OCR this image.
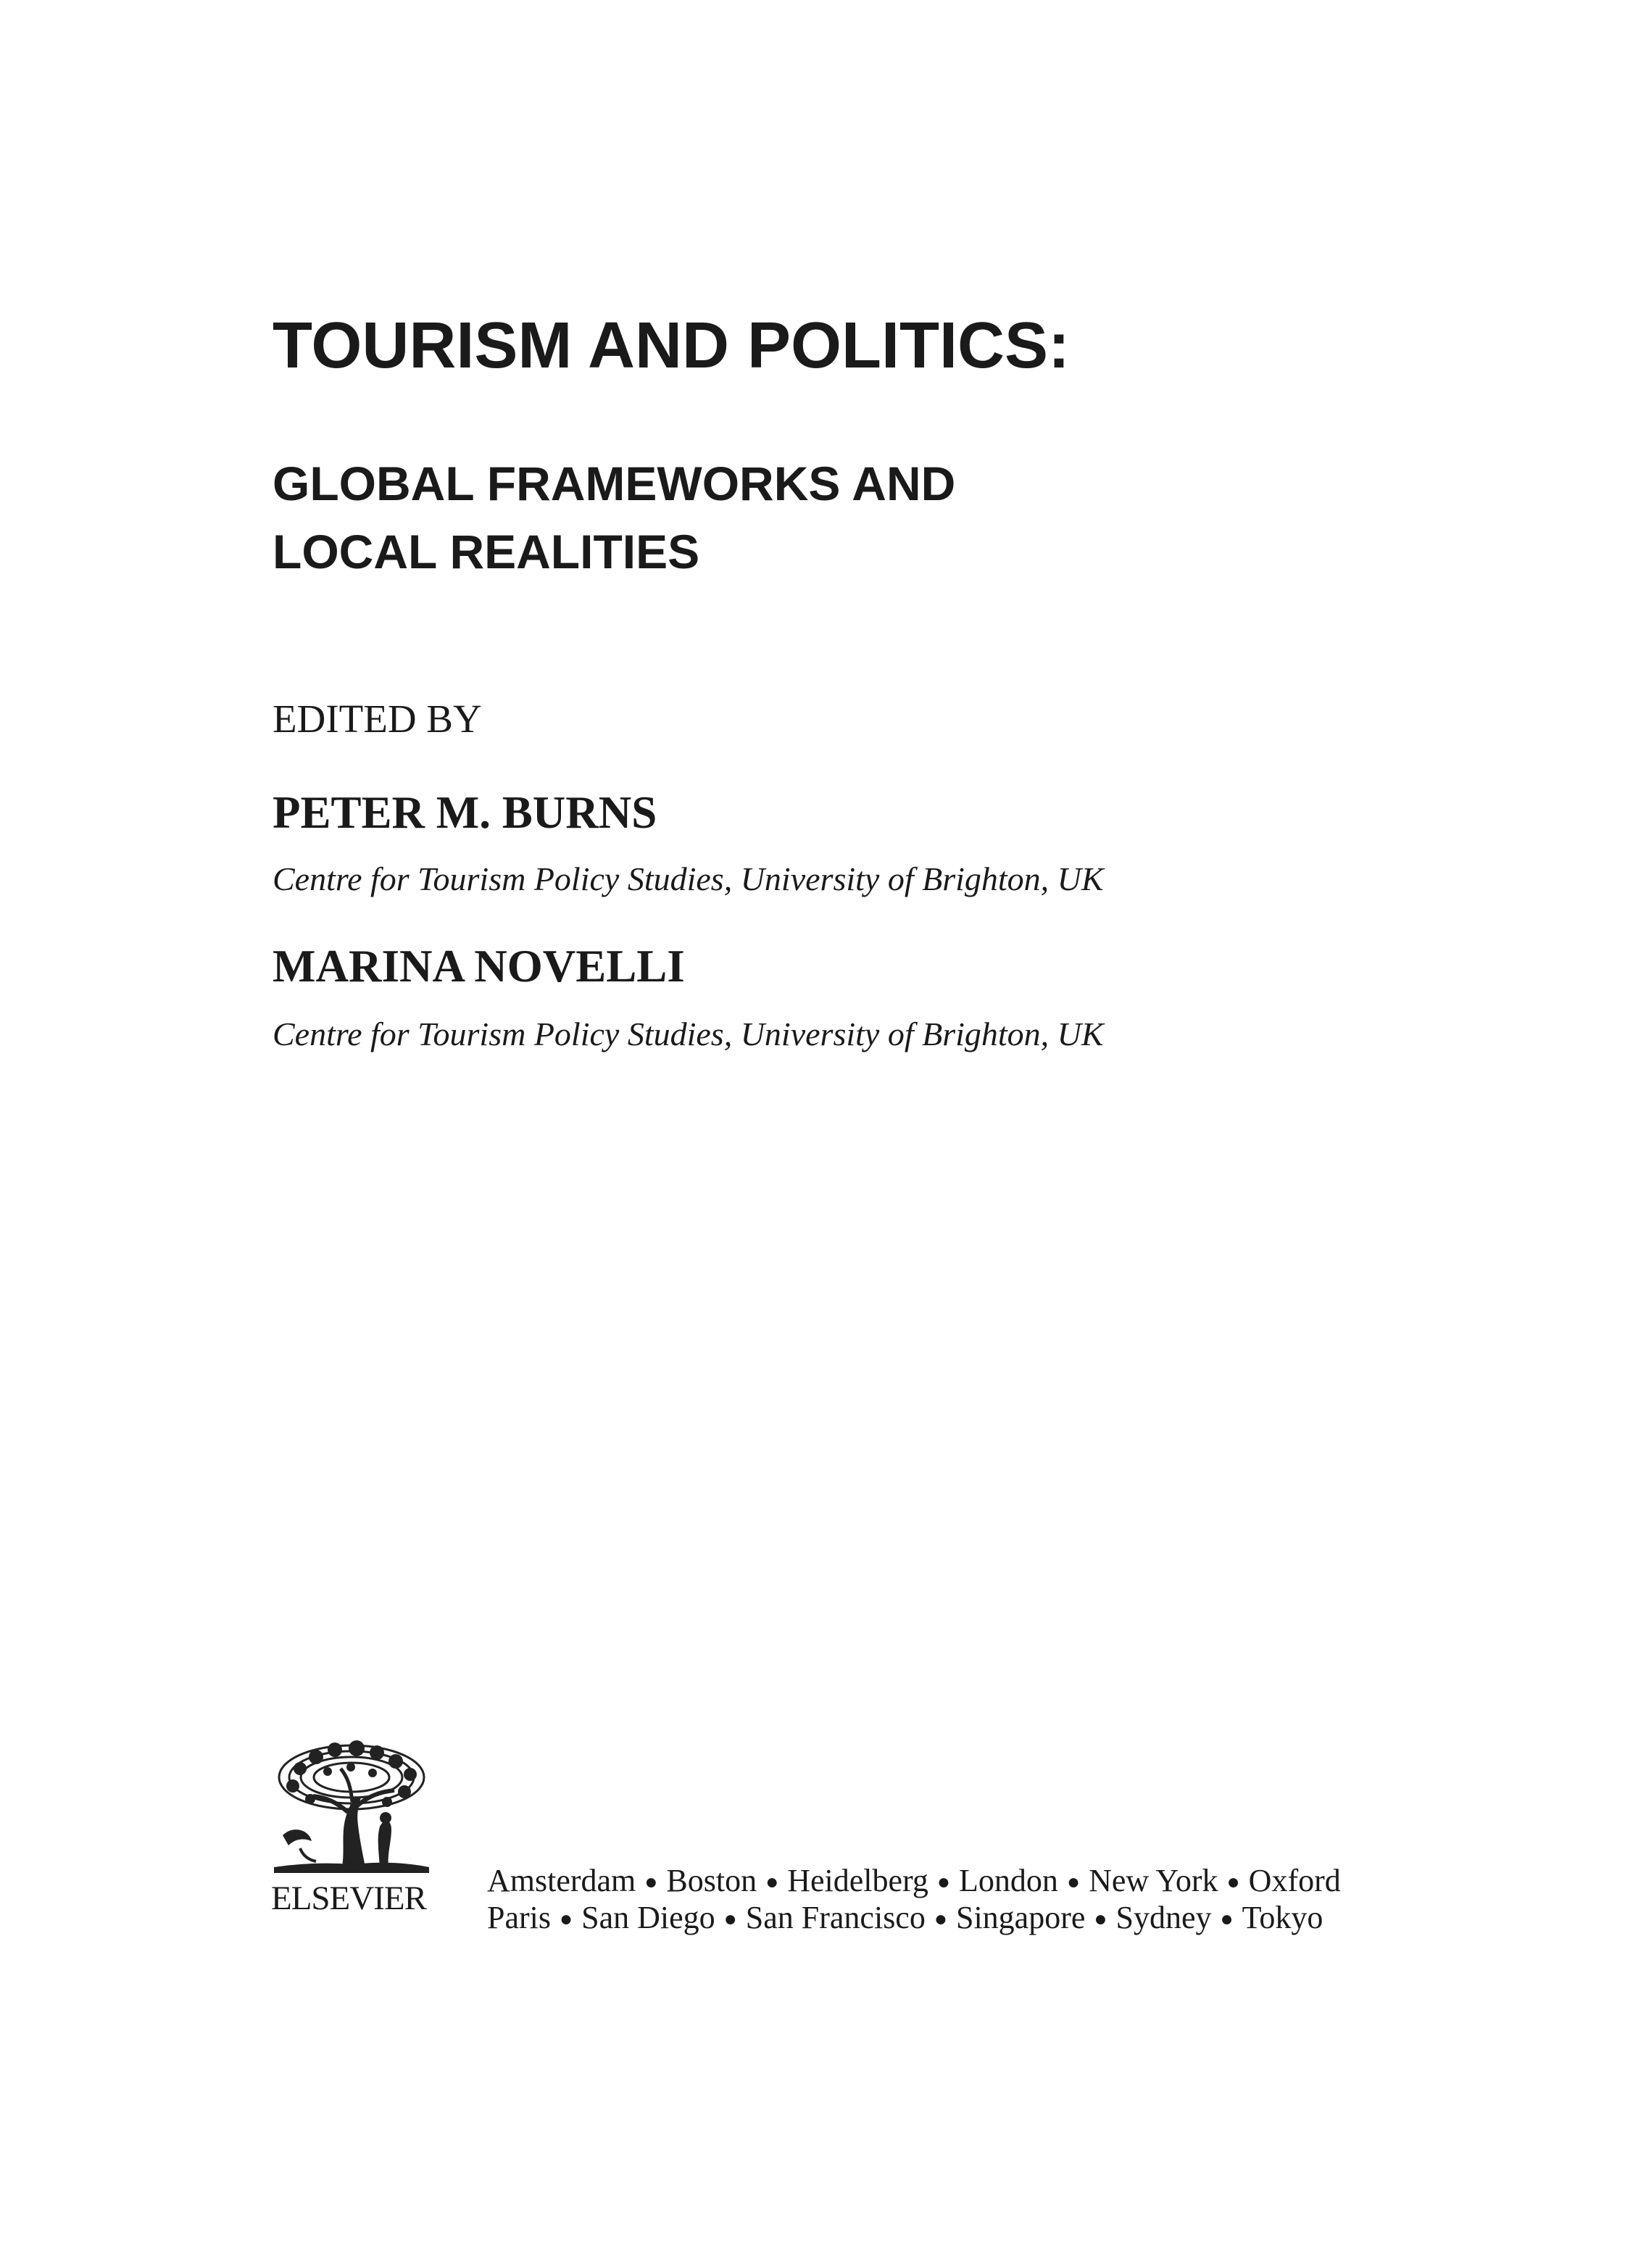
TOURISM AND POLITICS:
GLOBAL FRAMEWORKS AND
LOCAL REALITIES
EDITED BY
PETER M. BURNS
Centre for Tourism Policy Studies, University of Brighton, UK
MARINA NOVELLI
Centre for Tourism Policy Studies, University of Brighton, UK
ELSEVIER	Amsterdam ● Boston ● Heidelberg ● London ● New York ● Oxford
Paris ● San Diego ● San Francisco ● Singapore ● Sydney ● Tokyo
